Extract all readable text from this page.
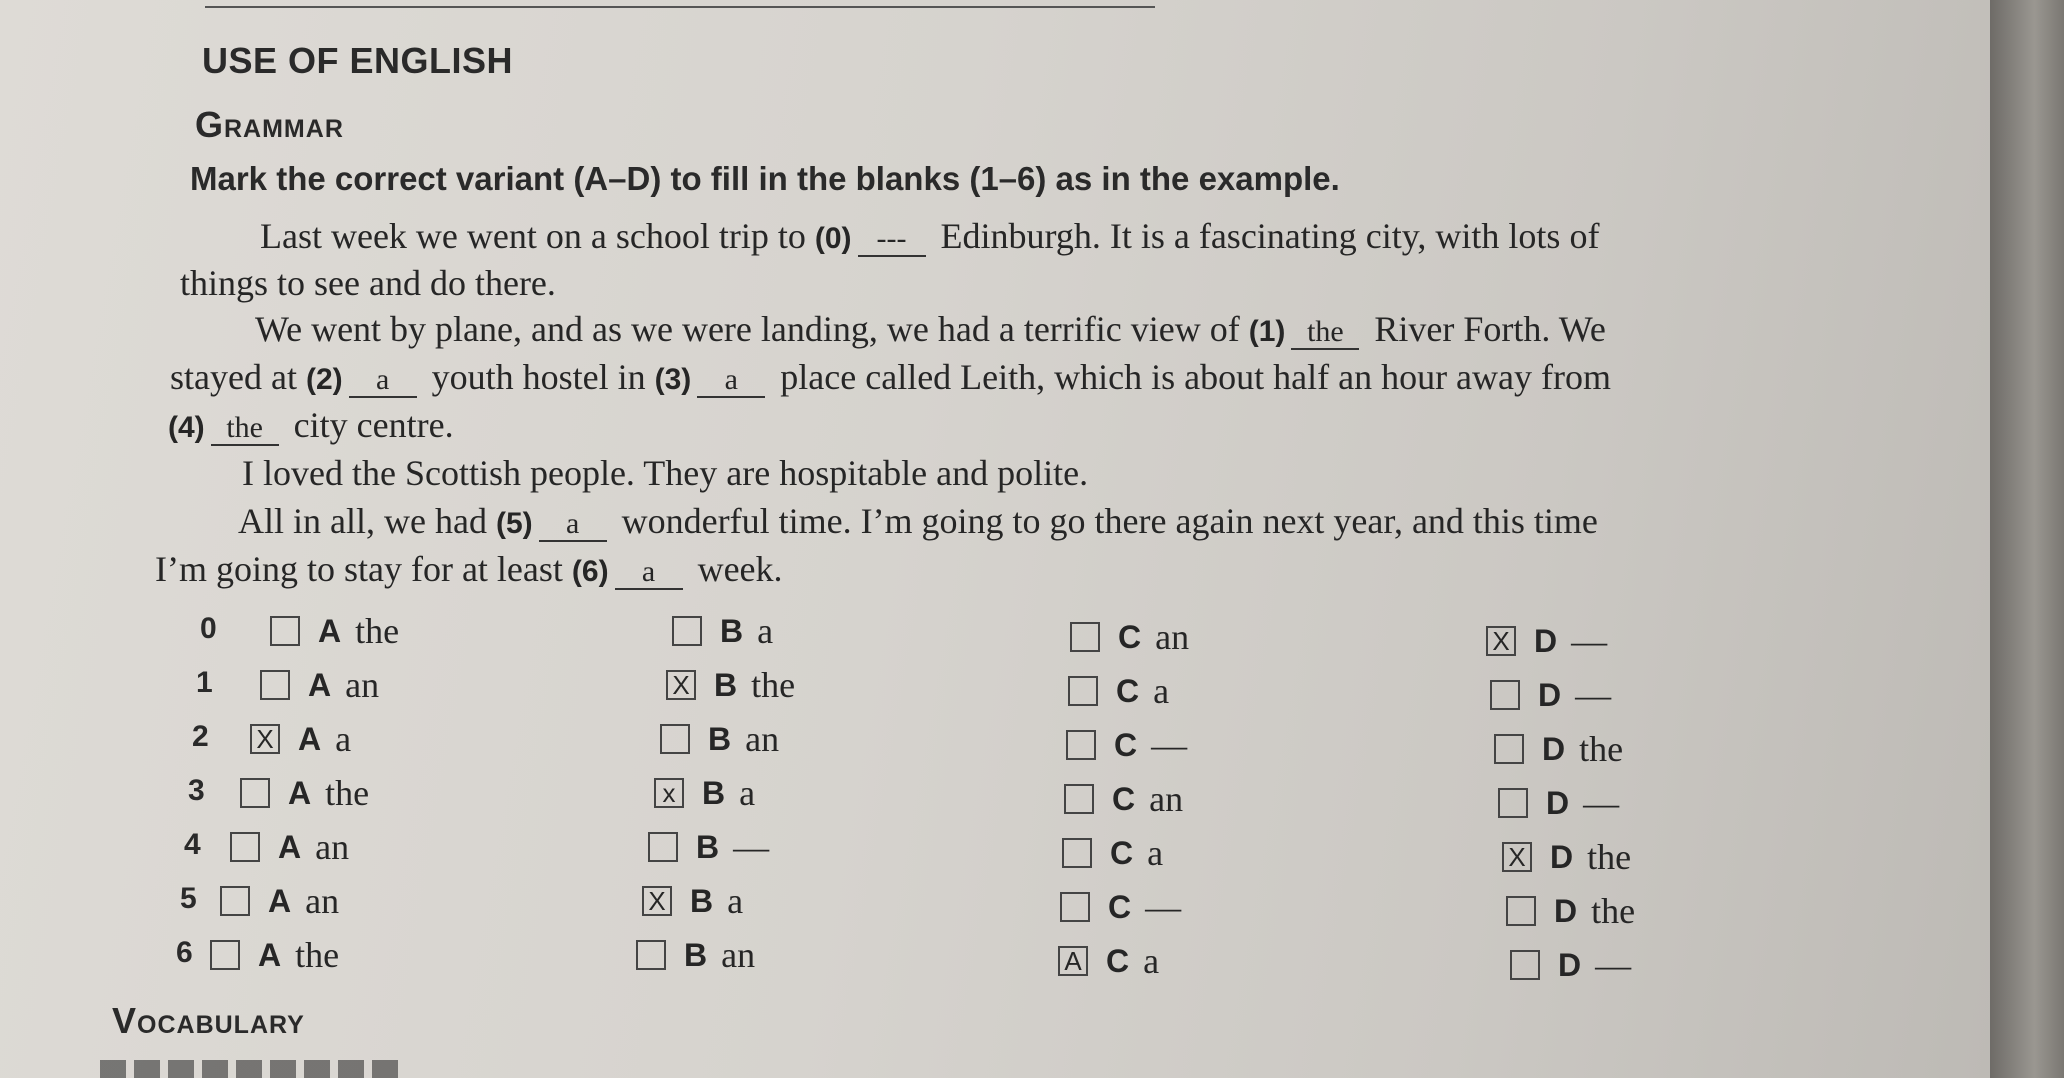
USE OF ENGLISH
Grammar
Mark the correct variant (A–D) to fill in the blanks (1–6) as in the example.
Last week we went on a school trip to (0) --- Edinburgh. It is a fascinating city, with lots of
things to see and do there.
We went by plane, and as we were landing, we had a terrific view of (1) the River Forth. We
stayed at (2) a youth hostel in (3) a place called Leith, which is about half an hour away from
(4) the city centre.
I loved the Scottish people. They are hospitable and polite.
All in all, we had (5) a wonderful time. I’m going to go there again next year, and this time
I’m going to stay for at least (6) a week.
0	A the	B a	C an	X D —
1	A an	X B the	C a	D —
2 X A a	B an	C —	D the
3	A the	x B a	C an	D —
4 A an	B —	C a	X D the
5 A an	X B a	C —	D the
6 A the	B an	A C a	D —
Vocabulary
